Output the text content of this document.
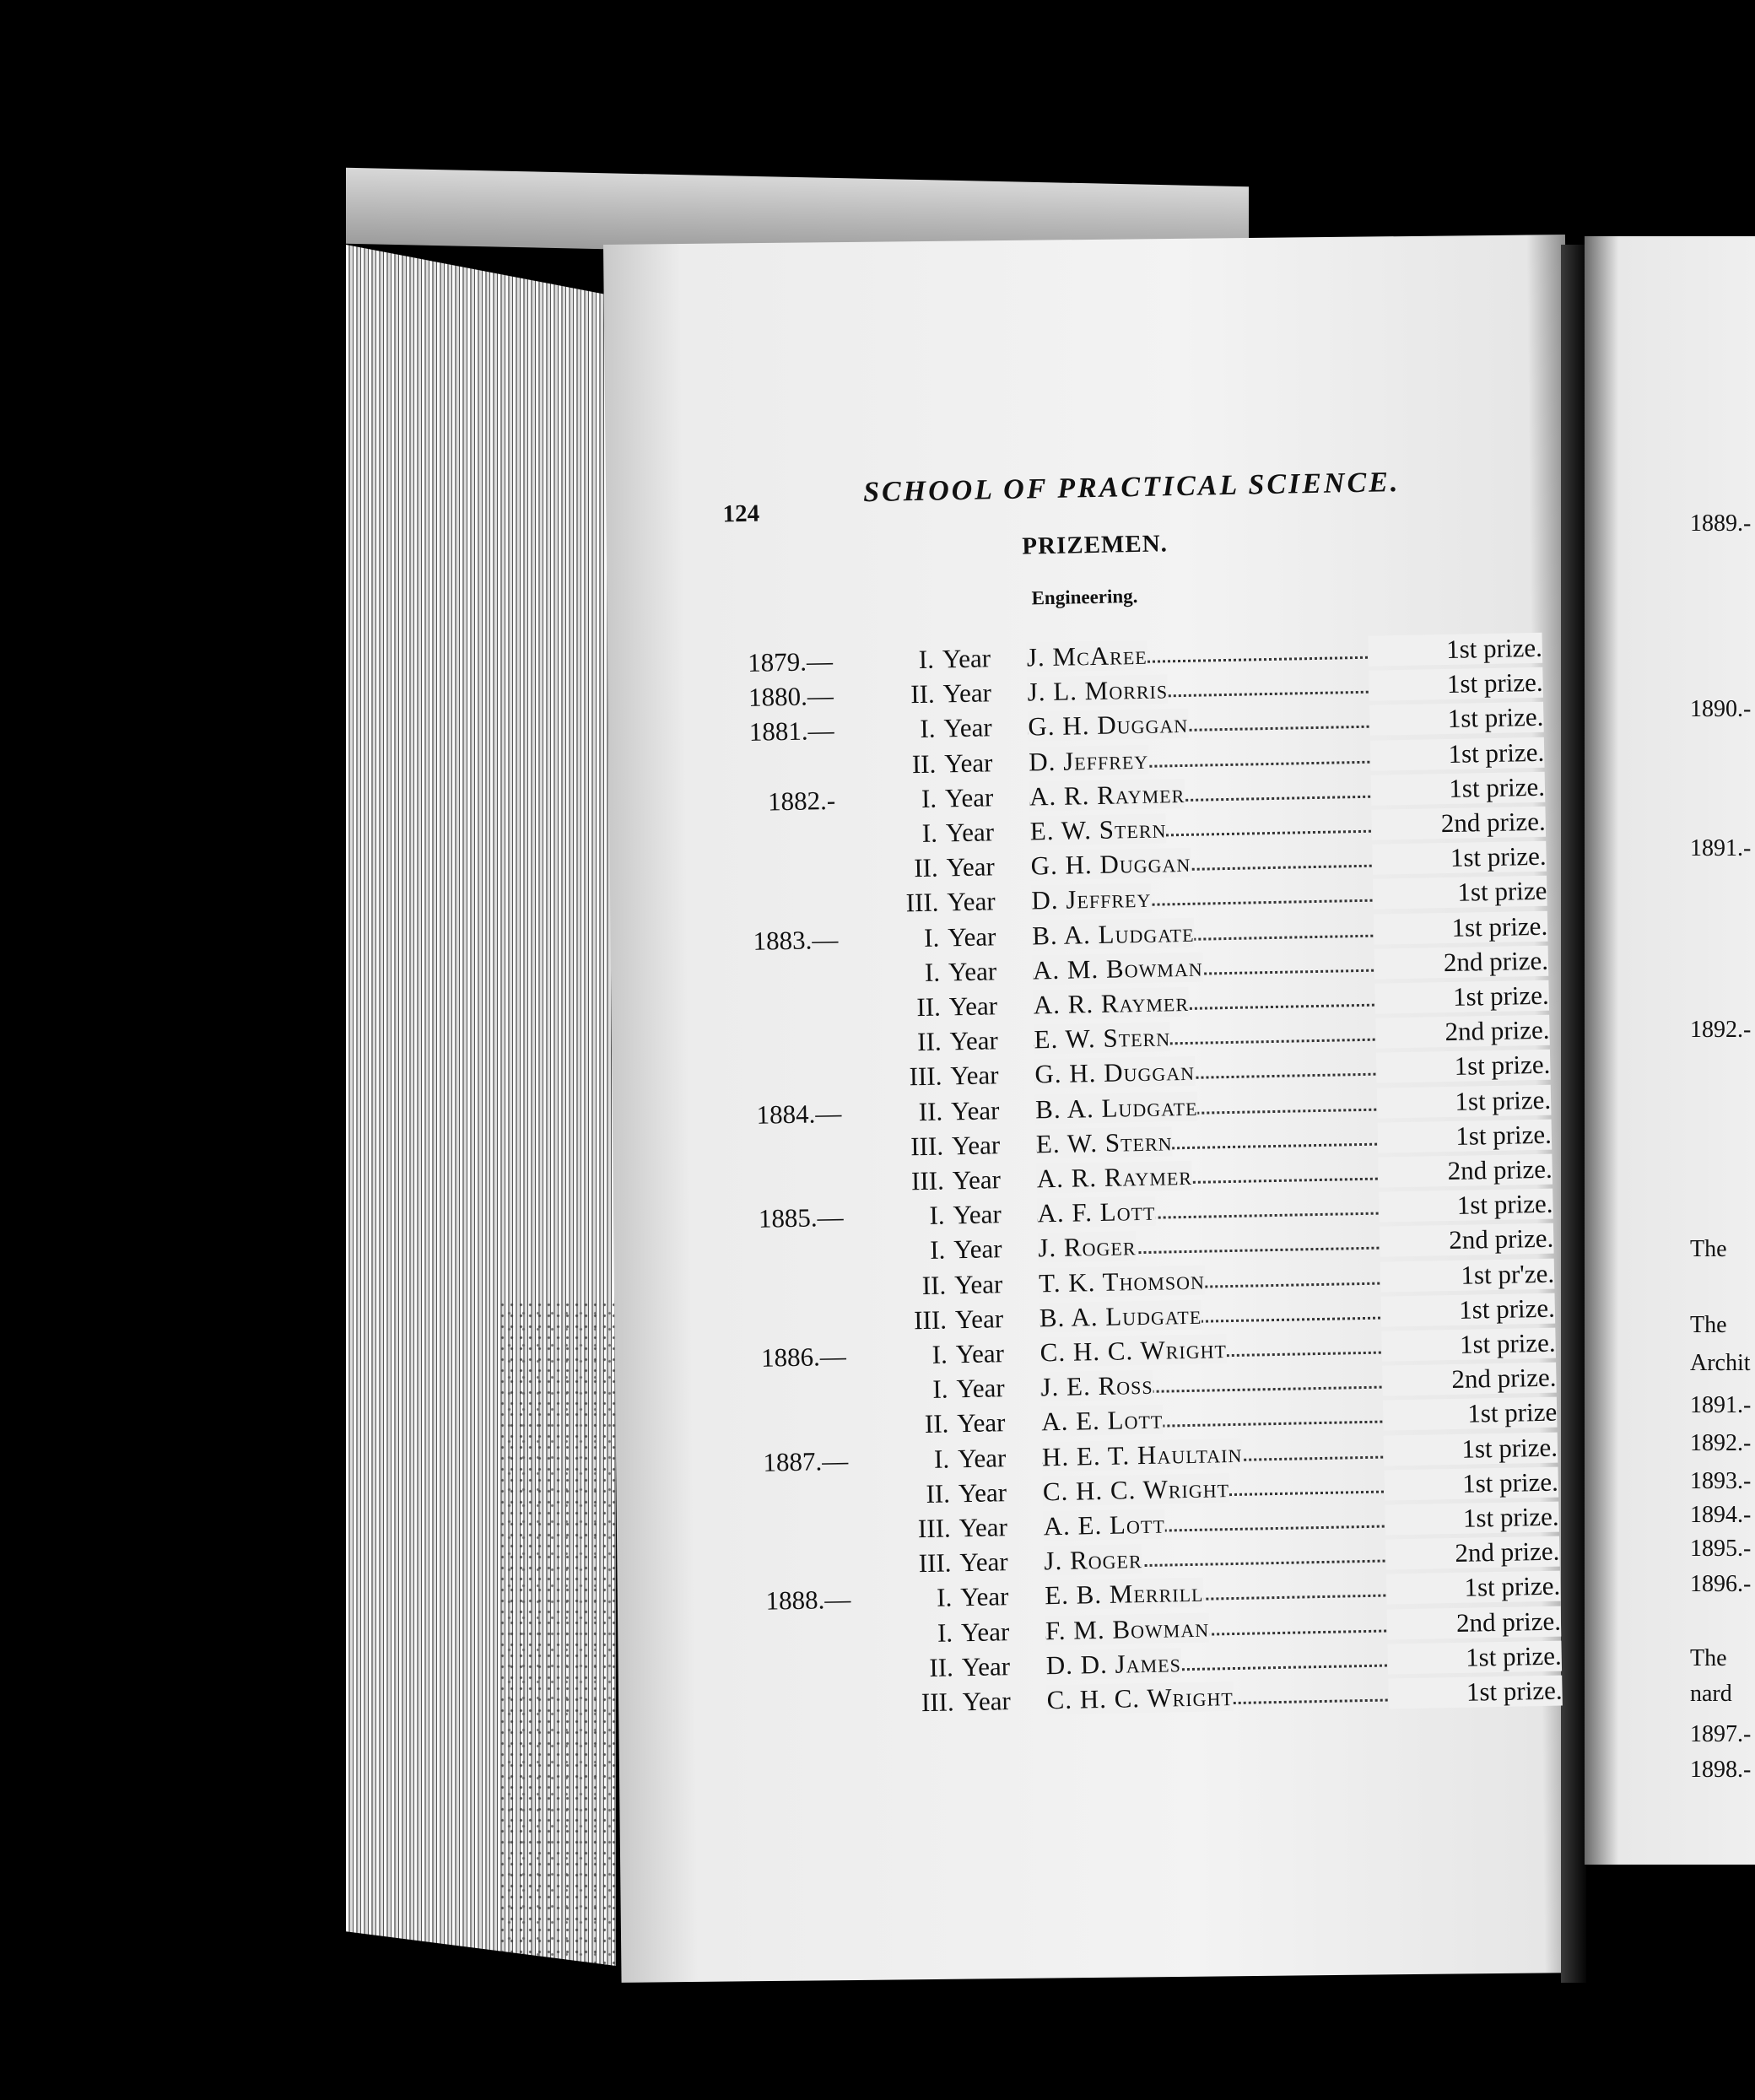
124
SCHOOL OF PRACTICAL SCIENCE.
PRIZEMEN.
Engineering.
1879.—	I. Year J. McAree	1st prize.
1880.—	II. Year J. L. Morris	1st prize.
1881.—	I. Year G. H. Duggan	1st prize.
II. Year D. Jeffrey	1st prize.
1882.-	I. Year A. R. Raymer	1st prize.
I. Year E. W. Stern	2nd prize.
II. Year G. H. Duggan	1st prize.
III. Year D. Jeffrey	1st prize
1883.—	I. Year B. A. Ludgate	1st prize.
I. Year A. M. Bowman	2nd prize.
II. Year A. R. Raymer	1st prize.
II. Year E. W. Stern	2nd prize.
III. Year G. H. Duggan	1st prize.
1884.—	II. Year B. A. Ludgate	1st prize.
III. Year E. W. Stern	1st prize.
III. Year A. R. Raymer	2nd prize.
1885.—	I. Year A. F. Lott	1st prize.
I. Year J. Roger	2nd prize.
II. Year T. K. Thomson	1st pr'ze.
III. Year B. A. Ludgate	1st prize.
1886.—	I. Year C. H. C. Wright	1st prize.
I. Year J. E. Ross	2nd prize.
II. Year A. E. Lott	1st prize
1887.—	I. Year H. E. T. Haultain	1st prize.
II. Year C. H. C. Wright	1st prize.
III. Year A. E. Lott	1st prize.
III. Year J. Roger	2nd prize.
1888.—	I. Year E. B. Merrill	1st prize.
I. Year F. M. Bowman	2nd prize.
II. Year D. D. James	1st prize.
III. Year C. H. C. Wright	1st prize.
1889.-
1890.-
1891.-
1892.-
The
The
Archit
1891.-
1892.-
1893.-
1894.-
1895.-
1896.-
The
nard
1897.-
1898.-
